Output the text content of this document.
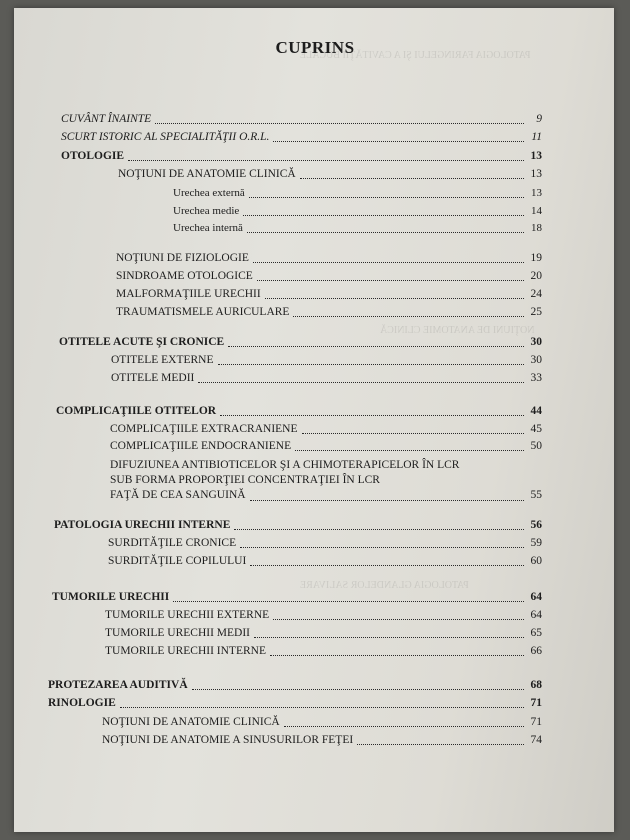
PATOLOGIA FARINGELUI ŞI A CAVITĂŢII BUCALE
NOŢIUNI DE ANATOMIE CLINICĂ
PATOLOGIA GLANDELOR SALIVARE
CUPRINS
CUVÂNT ÎNAINTE	9
SCURT ISTORIC AL SPECIALITĂŢII O.R.L.	11
OTOLOGIE	13
NOŢIUNI DE ANATOMIE CLINICĂ	13
Urechea externă	13
Urechea medie	14
Urechea internă	18
NOŢIUNI DE FIZIOLOGIE	19
SINDROAME OTOLOGICE	20
MALFORMAŢIILE URECHII	24
TRAUMATISMELE AURICULARE	25
OTITELE ACUTE ŞI CRONICE	30
OTITELE EXTERNE	30
OTITELE MEDII	33
COMPLICAŢIILE OTITELOR	44
COMPLICAŢIILE EXTRACRANIENE	45
COMPLICAŢIILE ENDOCRANIENE	50
DIFUZIUNEA ANTIBIOTICELOR ŞI A CHIMOTERAPICELOR ÎN LCR
SUB FORMA PROPORŢIEI CONCENTRAŢIEI ÎN LCR
FAŢĂ DE CEA SANGUINĂ	55
PATOLOGIA URECHII INTERNE	56
SURDITĂŢILE CRONICE	59
SURDITĂŢILE COPILULUI	60
TUMORILE URECHII	64
TUMORILE URECHII EXTERNE	64
TUMORILE URECHII MEDII	65
TUMORILE URECHII INTERNE	66
PROTEZAREA AUDITIVĂ	68
RINOLOGIE	71
NOŢIUNI DE ANATOMIE CLINICĂ	71
NOŢIUNI DE ANATOMIE A SINUSURILOR FEŢEI	74
